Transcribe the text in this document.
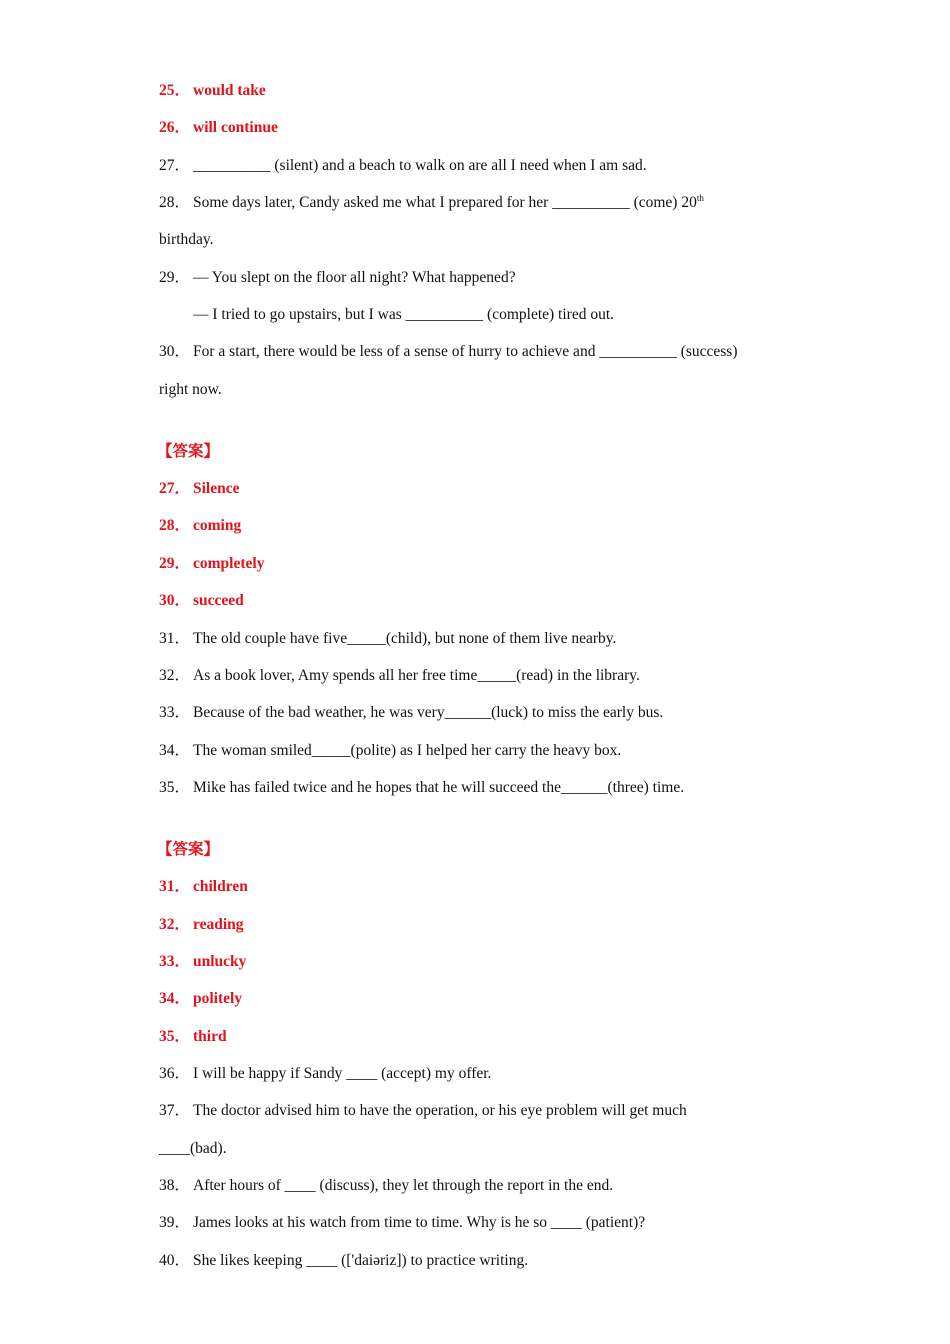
25． would take
26． will continue
27． __________ (silent) and a beach to walk on are all I need when I am sad.
28． Some days later, Candy asked me what I prepared for her __________ (come) 20th
birthday.
29． — You slept on the floor all night? What happened?
— I tried to go upstairs, but I was __________ (complete) tired out.
30． For a start, there would be less of a sense of hurry to achieve and __________ (success)
right now.
【答案】
27． Silence
28． coming
29． completely
30． succeed
31． The old couple have five_____(child), but none of them live nearby.
32． As a book lover, Amy spends all her free time_____(read) in the library.
33． Because of the bad weather, he was very______(luck) to miss the early bus.
34． The woman smiled_____(polite) as I helped her carry the heavy box.
35． Mike has failed twice and he hopes that he will succeed the______(three) time.
【答案】
31． children
32． reading
33． unlucky
34． politely
35． third
36． I will be happy if Sandy ____ (accept) my offer.
37． The doctor advised him to have the operation, or his eye problem will get much
____(bad).
38． After hours of ____ (discuss), they let through the report in the end.
39． James looks at his watch from time to time. Why is he so ____ (patient)?
40． She likes keeping ____ (['daiəriz]) to practice writing.
